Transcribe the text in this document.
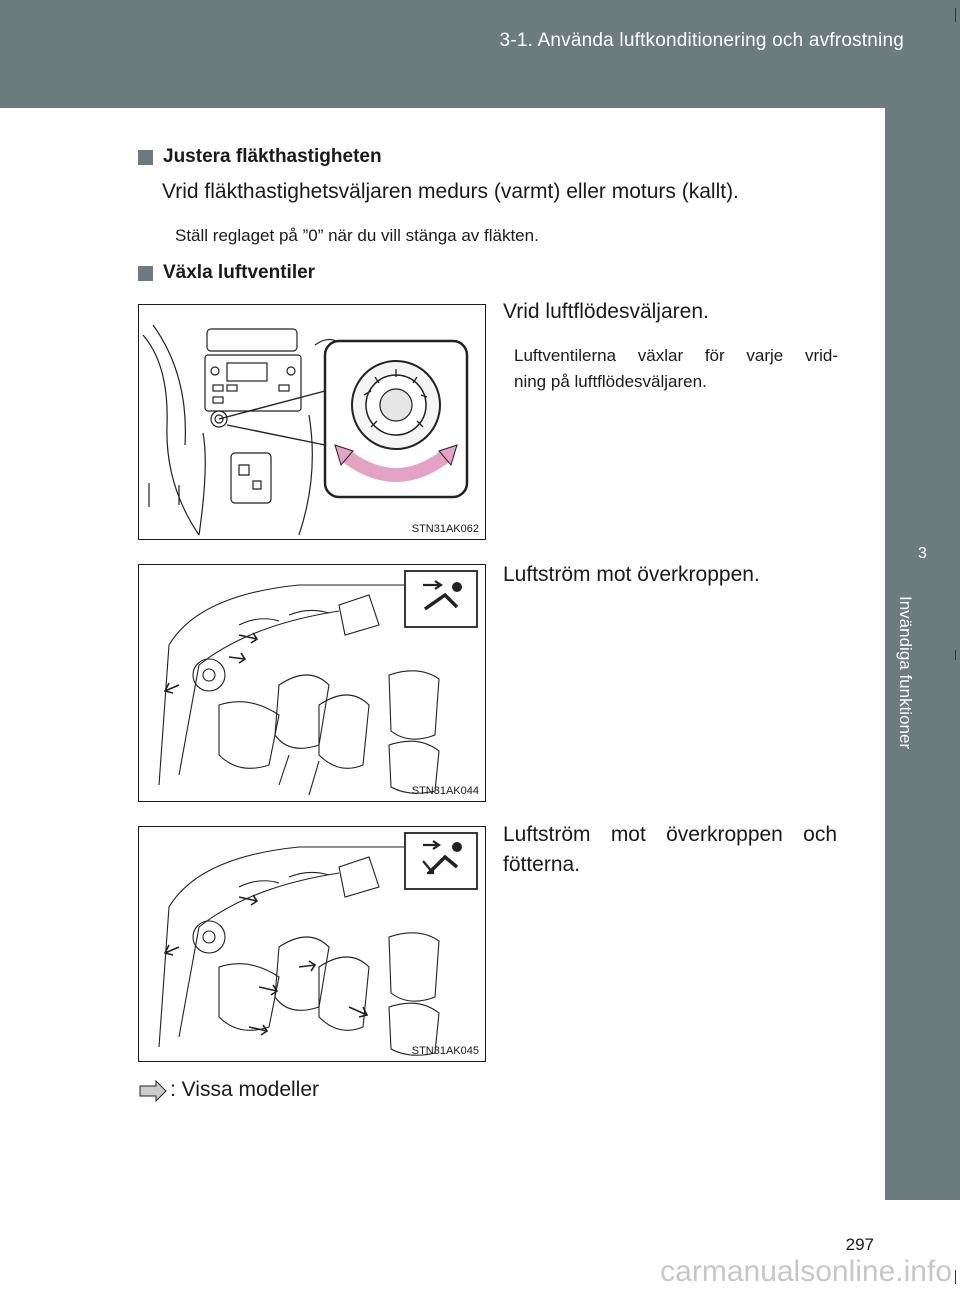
3-1. Använda luftkonditionering och avfrostning
3
Invändiga funktioner
Justera fläkthastigheten
Vrid fläkthastighetsväljaren medurs (varmt) eller moturs (kallt).
Ställ reglaget på ”0” när du vill stänga av fläkten.
Växla luftventiler
Vrid luftflödesväljaren.
Luftventilerna växlar för varje vrid-
ning på luftflödesväljaren.
STN31AK062
Luftström mot överkroppen.
STN31AK044
Luftström mot överkroppen och
fötterna.
STN31AK045
: Vissa modeller
297
carmanualsonline.info
